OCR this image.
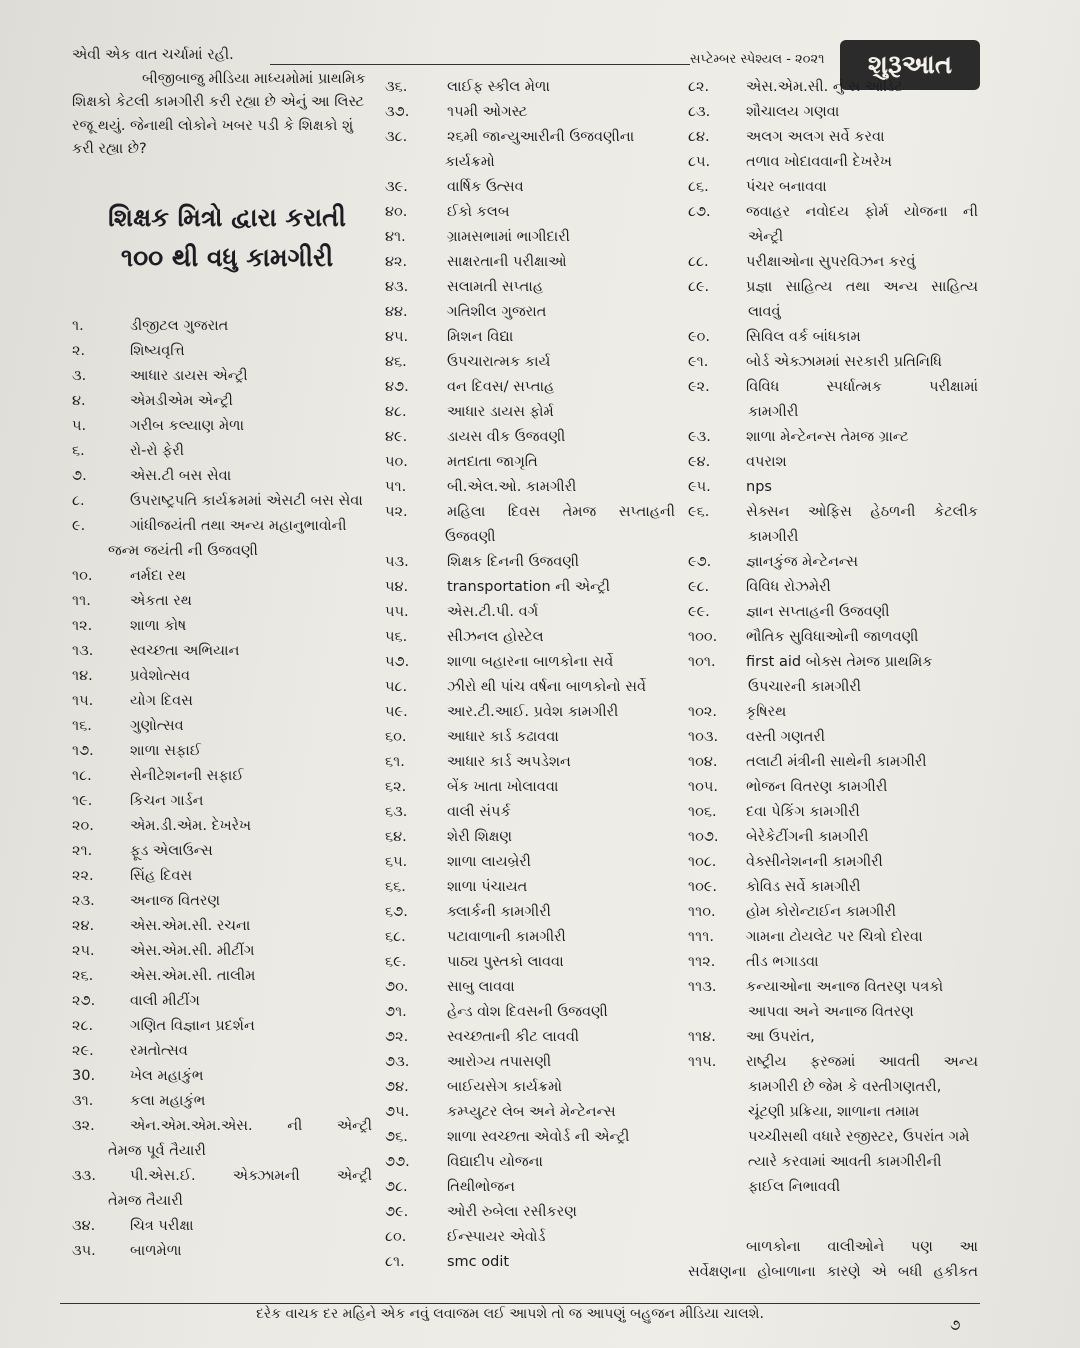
સપ્ટેમ્બર સ્પેશ્યલ - ૨૦૨૧	શુરૂઆત

એવી એક વાત ચર્ચામાં રહી.

બીજીબાજુ મીડિયા માધ્યમોમાં પ્રાથમિક શિક્ષકો કેટલી કામગીરી કરી રહ્યા છે એનું આ લિસ્ટ રજૂ થયું. જેનાથી લોકોને ખબર પડી કે શિક્ષકો શું કરી રહ્યા છે?

શિક્ષક મિત્રો દ્વારા કરાતી
૧૦૦ થી વધુ કામગીરી
૧.	ડીજીટલ ગુજરાત
૨.	શિષ્યવૃત્તિ
૩.	આધાર ડાયસ એન્ટ્રી
૪.	એમડીએમ એન્ટ્રી
૫.	ગરીબ કલ્યાણ મેળા
૬.	રો-રો ફેરી
૭.	એસ.ટી બસ સેવા
૮.	ઉપરાષ્ટ્રપતિ કાર્યક્રમમાં એસટી બસ સેવા
૯.	ગાંધીજયંતી તથા અન્ય મહાનુભાવોની
જન્મ જયંતી ની ઉજવણી
૧૦.	નર્મદા રથ
૧૧.	એકતા રથ
૧૨.	શાળા કોષ
૧૩.	સ્વચ્છતા અભિયાન
૧૪.	પ્રવેશોત્સવ
૧૫.	યોગ દિવસ
૧૬.	ગુણોત્સવ
૧૭.	શાળા સફાઈ
૧૮.	સેનીટેશનની સફાઈ
૧૯.	કિચન ગાર્ડન
૨૦.	એમ.ડી.એમ. દેખરેખ
૨૧.	ફૂડ એલાઉન્સ
૨૨.	સિંહ દિવસ
૨૩.	અનાજ વિતરણ
૨૪.	એસ.એમ.સી. રચના
૨૫.	એસ.એમ.સી. મીટીંગ
૨૬.	એસ.એમ.સી. તાલીમ
૨૭.	વાલી મીટીંગ
૨૮.	ગણિત વિજ્ઞાન પ્રદર્શન
૨૯.	રમતોત્સવ
30.	ખેલ મહાકુંભ
૩૧.	કલા મહાકુંભ
૩૨.	એન.એમ.એમ.એસ. ની એન્ટ્રી
તેમજ પૂર્વ તૈયારી
૩૩.	પી.એસ.ઈ. એક્ઝામની એન્ટ્રી
તેમજ તૈયારી
૩૪.	ચિત્ર પરીક્ષા
૩૫.	બાળમેળા
૩૬.	લાઈફ સ્કીલ મેળા
૩૭.	૧૫મી ઓગસ્ટ
૩૮.	૨૬મી જાન્યુઆરીની ઉજવણીના
કાર્યક્રમો
૩૯.	વાર્ષિક ઉત્સવ
૪૦.	ઈકો કલબ
૪૧.	ગ્રામસભામાં ભાગીદારી
૪૨.	સાક્ષરતાની પરીક્ષાઓ
૪૩.	સલામતી સપ્તાહ
૪૪.	ગતિશીલ ગુજરાત
૪૫.	મિશન વિદ્યા
૪૬.	ઉપચારાત્મક કાર્ય
૪૭.	વન દિવસ/ સપ્તાહ
૪૮.	આધાર ડાયસ ફોર્મ
૪૯.	ડાયસ વીક ઉજવણી
૫૦.	મતદાતા જાગૃતિ
૫૧.	બી.એલ.ઓ. કામગીરી
૫૨.	મહિલા દિવસ તેમજ સપ્તાહની
ઉજવણી
૫૩.	શિક્ષક દિનની ઉજવણી
૫૪.	transportation ની એન્ટ્રી
૫૫.	એસ.ટી.પી. વર્ગ
૫૬.	સીઝનલ હોસ્ટેલ
૫૭.	શાળા બહારના બાળકોના સર્વે
૫૮.	ઝીરો થી પાંચ વર્ષના બાળકોનો સર્વે
૫૯.	આર.ટી.આઈ. પ્રવેશ કામગીરી
૬૦.	આધાર કાર્ડ કઢાવવા
૬૧.	આધાર કાર્ડ અપડેશન
૬૨.	બેંક ખાતા ખોલાવવા
૬૩.	વાલી સંપર્ક
૬૪.	શેરી શિક્ષણ
૬૫.	શાળા લાયબ્રેરી
૬૬.	શાળા પંચાયત
૬૭.	ક્લાર્કની કામગીરી
૬૮.	પટાવાળાની કામગીરી
૬૯.	પાઠ્ય પુસ્તકો લાવવા
૭૦.	સાબુ લાવવા
૭૧.	હેન્ડ વોશ દિવસની ઉજવણી
૭૨.	સ્વચ્છતાની કીટ લાવવી
૭૩.	આરોગ્ય તપાસણી
૭૪.	બાઈયસેગ કાર્યક્રમો
૭૫.	કમ્પ્યુટર લેબ અને મેન્ટેનન્સ
૭૬.	શાળા સ્વચ્છતા એવોર્ડ ની એન્ટ્રી
૭૭.	વિદ્યાદીપ યોજના
૭૮.	તિથીભોજન
૭૯.	ઓરી રુબેલા રસીકરણ
૮૦.	ઈન્સ્પાયર એવોર્ડ
૮૧.	smc odit
૮૨.	એસ.એમ.સી. નું સ ઓડિટ
૮૩.	શૌચાલય ગણવા
૮૪.	અલગ અલગ સર્વે કરવા
૮૫.	તળાવ ખોદાવવાની દેખરેખ
૮૬.	પંચર બનાવવા
૮૭.	જવાહર નવોદય ફોર્મ યોજના ની
એન્ટ્રી
૮૮.	પરીક્ષાઓના સુપરવિઝન કરવું
૮૯.	પ્રજ્ઞા સાહિત્ય તથા અન્ય સાહિત્ય
લાવવું
૯૦.	સિવિલ વર્ક બાંધકામ
૯૧.	બોર્ડ એક્ઝામમાં સરકારી પ્રતિનિધિ
૯૨.	વિવિધ સ્પર્ધાત્મક પરીક્ષામાં
કામગીરી
૯૩.	શાળા મેન્ટેનન્સ તેમજ ગ્રાન્ટ
૯૪.	વપરાશ
૯૫.	nps
૯૬.	સેક્સન ઓફિસ હેઠળની કેટલીક
કામગીરી
૯૭.	જ્ઞાનકુંજ મેન્ટેનન્સ
૯૮.	વિવિધ રોઝમેરી
૯૯.	જ્ઞાન સપ્તાહની ઉજવણી
૧૦૦.	ભૌતિક સુવિધાઓની જાળવણી
૧૦૧.	first aid બોક્સ તેમજ પ્રાથમિક
ઉપચારની કામગીરી
૧૦૨.	કૃષિરથ
૧૦૩.	વસ્તી ગણતરી
૧૦૪.	તલાટી મંત્રીની સાથેની કામગીરી
૧૦૫.	ભોજન વિતરણ કામગીરી
૧૦૬.	દવા પેકિંગ કામગીરી
૧૦૭.	બેરેકેટીંગની કામગીરી
૧૦૮.	વેક્સીનેશનની કામગીરી
૧૦૯.	કોવિડ સર્વે કામગીરી
૧૧૦.	હોમ કોરોન્ટાઈન કામગીરી
૧૧૧.	ગામના ટોયલેટ પર ચિત્રો દોરવા
૧૧૨.	તીડ ભગાડવા
૧૧૩.	કન્યાઓના અનાજ વિતરણ પત્રકો
આપવા અને અનાજ વિતરણ
૧૧૪.	આ ઉપરાંત,
૧૧૫.	રાષ્ટ્રીય ફરજમાં આવતી અન્ય
કામગીરી છે જેમ કે વસ્તીગણતરી, ચૂંટણી પ્રક્રિયા, શાળાના તમામ પચ્ચીસથી વધારે રજીસ્ટર, ઉપરાંત ગમે ત્યારે કરવામાં આવતી કામગીરીની ફાઈલ નિભાવવી

બાળકોના વાલીઓને પણ આ

સર્વેક્ષણના હોબાળાના કારણે એ બધી હકીકત

દરેક વાચક દર મહિને એક નવું લવાજમ લઈ આપશે તો જ આપણું બહુજન મીડિયા ચાલશે.
૭
